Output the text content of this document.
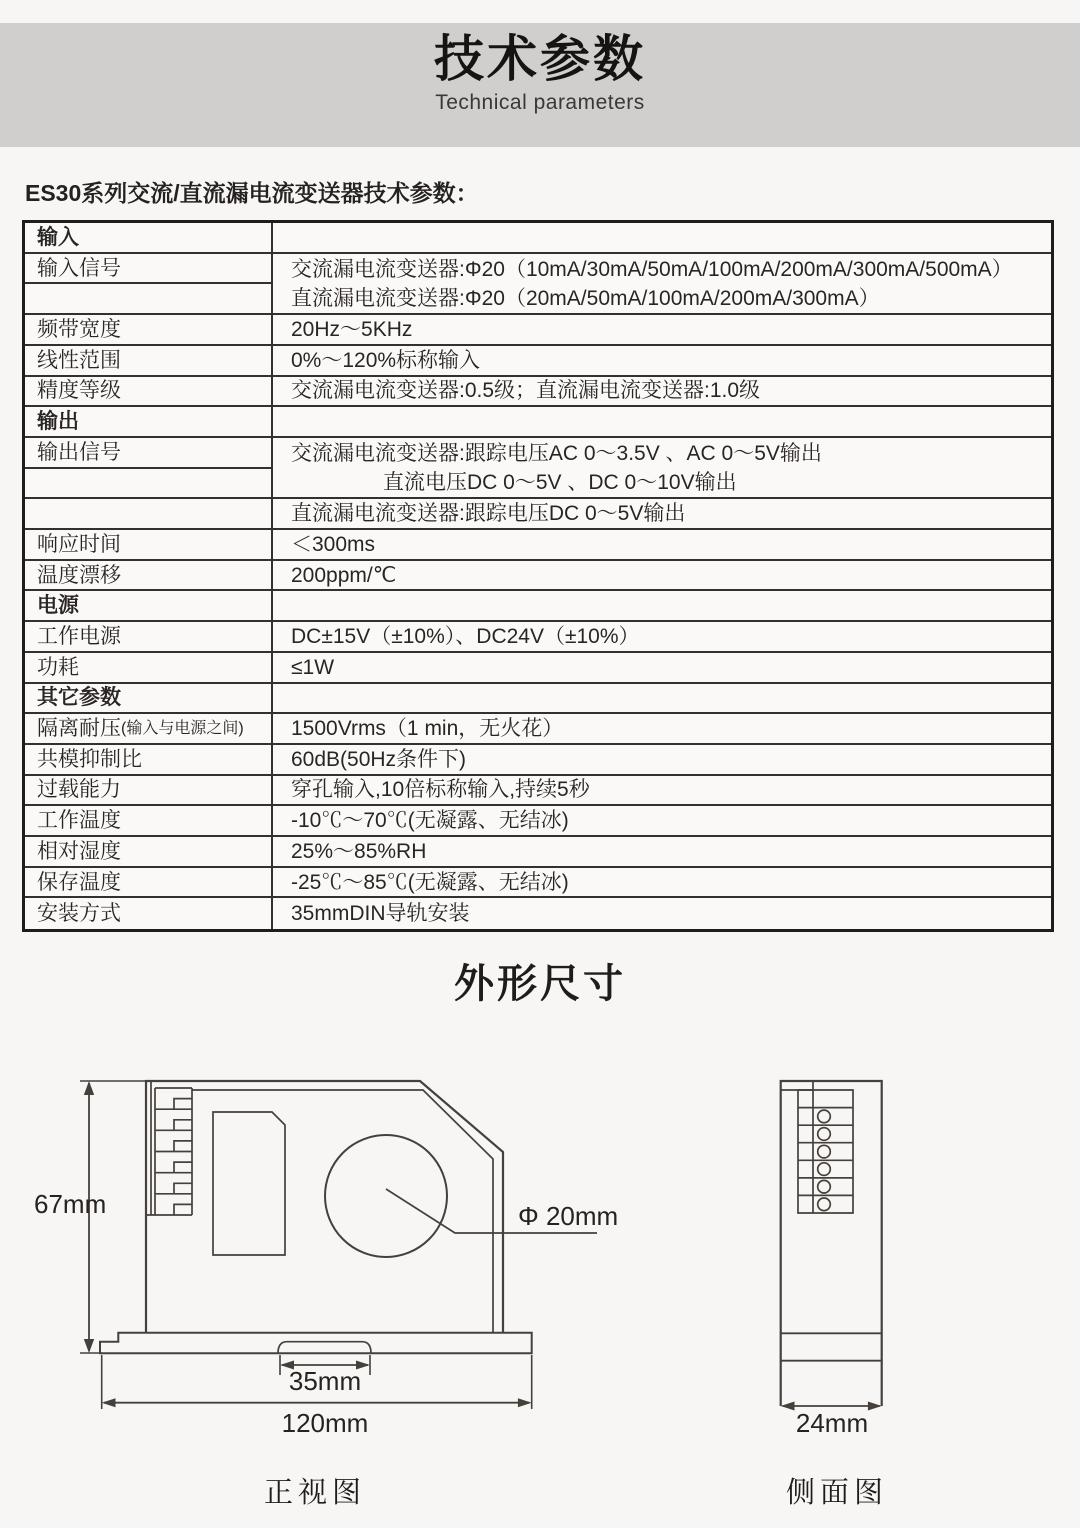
技术参数
Technical parameters
ES30系列交流/直流漏电流变送器技术参数：
输入
输入信号	交流漏电流变送器:Φ20（10mA/30mA/50mA/100mA/200mA/300mA/500mA）
直流漏电流变送器:Φ20（20mA/50mA/100mA/200mA/300mA）
频带宽度	20Hz～5KHz
线性范围	0%～120%标称输入
精度等级	交流漏电流变送器:0.5级；直流漏电流变送器:1.0级
输出
输出信号	交流漏电流变送器:跟踪电压AC 0～3.5V 、AC 0～5V输出
直流电压DC 0～5V 、DC 0～10V输出
直流漏电流变送器:跟踪电压DC 0～5V输出
响应时间	＜300ms
温度漂移	200ppm/℃
电源
工作电源	DC±15V（±10%）、DC24V（±10%）
功耗	≤1W
其它参数
隔离耐压 (输入与电源之间) 1500Vrms（1 min，无火花）
共模抑制比	60dB(50Hz条件下)
过载能力	穿孔输入,10倍标称输入,持续5秒
工作温度	-10℃～70℃(无凝露、无结冰)
相对湿度	25%～85%RH
保存温度	-25℃～85℃(无凝露、无结冰)
安装方式	35mmDIN导轨安装
外形尺寸
67mm	Φ 20mm
35mm
120mm	24mm
正视图	侧面图
